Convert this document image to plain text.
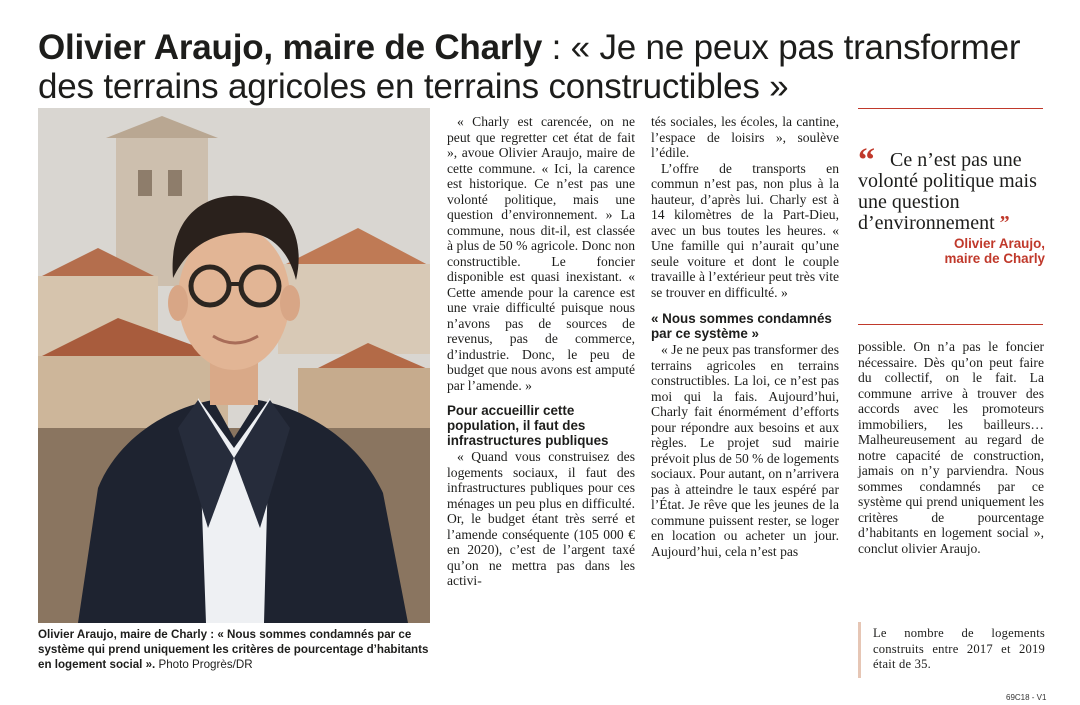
Olivier Araujo, maire de Charly : « Je ne peux pas transformer des terrains agricoles en terrains constructibles »
Olivier Araujo, maire de Charly : « Nous sommes condamnés par ce système qui prend uniquement les critères de pourcentage d’habitants en logement social ». Photo Progrès/DR

« Charly est carencée, on ne peut que regretter cet état de fait », avoue Olivier Araujo, maire de cette commune. « Ici, la carence est historique. Ce n’est pas une volonté politique, mais une question d’environnement. » La commune, nous dit-il, est classée à plus de 50 % agricole. Donc non constructible. Le foncier disponible est quasi inexistant. « Cette amende pour la carence est une vraie difficulté puisque nous n’avons pas de sources de revenus, pas de commerce, d’industrie. Donc, le peu de budget que nous avons est amputé par l’amende. »

Pour accueillir cette population, il faut des infrastructures publiques

« Quand vous construisez des logements sociaux, il faut des infrastructures publiques pour ces ménages un peu plus en difficulté. Or, le budget étant très serré et l’amende conséquente (105 000 € en 2020), c’est de l’argent taxé qu’on ne mettra pas dans les activi-

tés sociales, les écoles, la cantine, l’espace de loisirs », soulève l’édile.

L’offre de transports en commun n’est pas, non plus à la hauteur, d’après lui. Charly est à 14 kilomètres de la Part-Dieu, avec un bus toutes les heures. « Une famille qui n’aurait qu’une seule voiture et dont le couple travaille à l’extérieur peut très vite se trouver en difficulté. »

« Nous sommes condamnés par ce système »

« Je ne peux pas transformer des terrains agricoles en terrains constructibles. La loi, ce n’est pas moi qui la fais. Aujourd’hui, Charly fait énormément d’efforts pour répondre aux besoins et aux règles. Le projet sud mairie prévoit plus de 50 % de logements sociaux. Pour autant, on n’arrivera pas à atteindre le taux espéré par l’État. Je rêve que les jeunes de la commune puissent rester, se loger en location ou acheter un jour. Aujourd’hui, cela n’est pas

“ Ce n’est pas une volonté politique mais une question d’environnement ”

Olivier Araujo,
maire de Charly

possible. On n’a pas le foncier nécessaire. Dès qu’on peut faire du collectif, on le fait. La commune arrive à trouver des accords avec les promoteurs immobiliers, les bailleurs… Malheureusement au regard de notre capacité de construction, jamais on n’y parviendra. Nous sommes condamnés par ce système qui prend uniquement les critères de pourcentage d’habitants en logement social », conclut olivier Araujo.

Le nombre de logements construits entre 2017 et 2019 était de 35.

69C18 - V1
